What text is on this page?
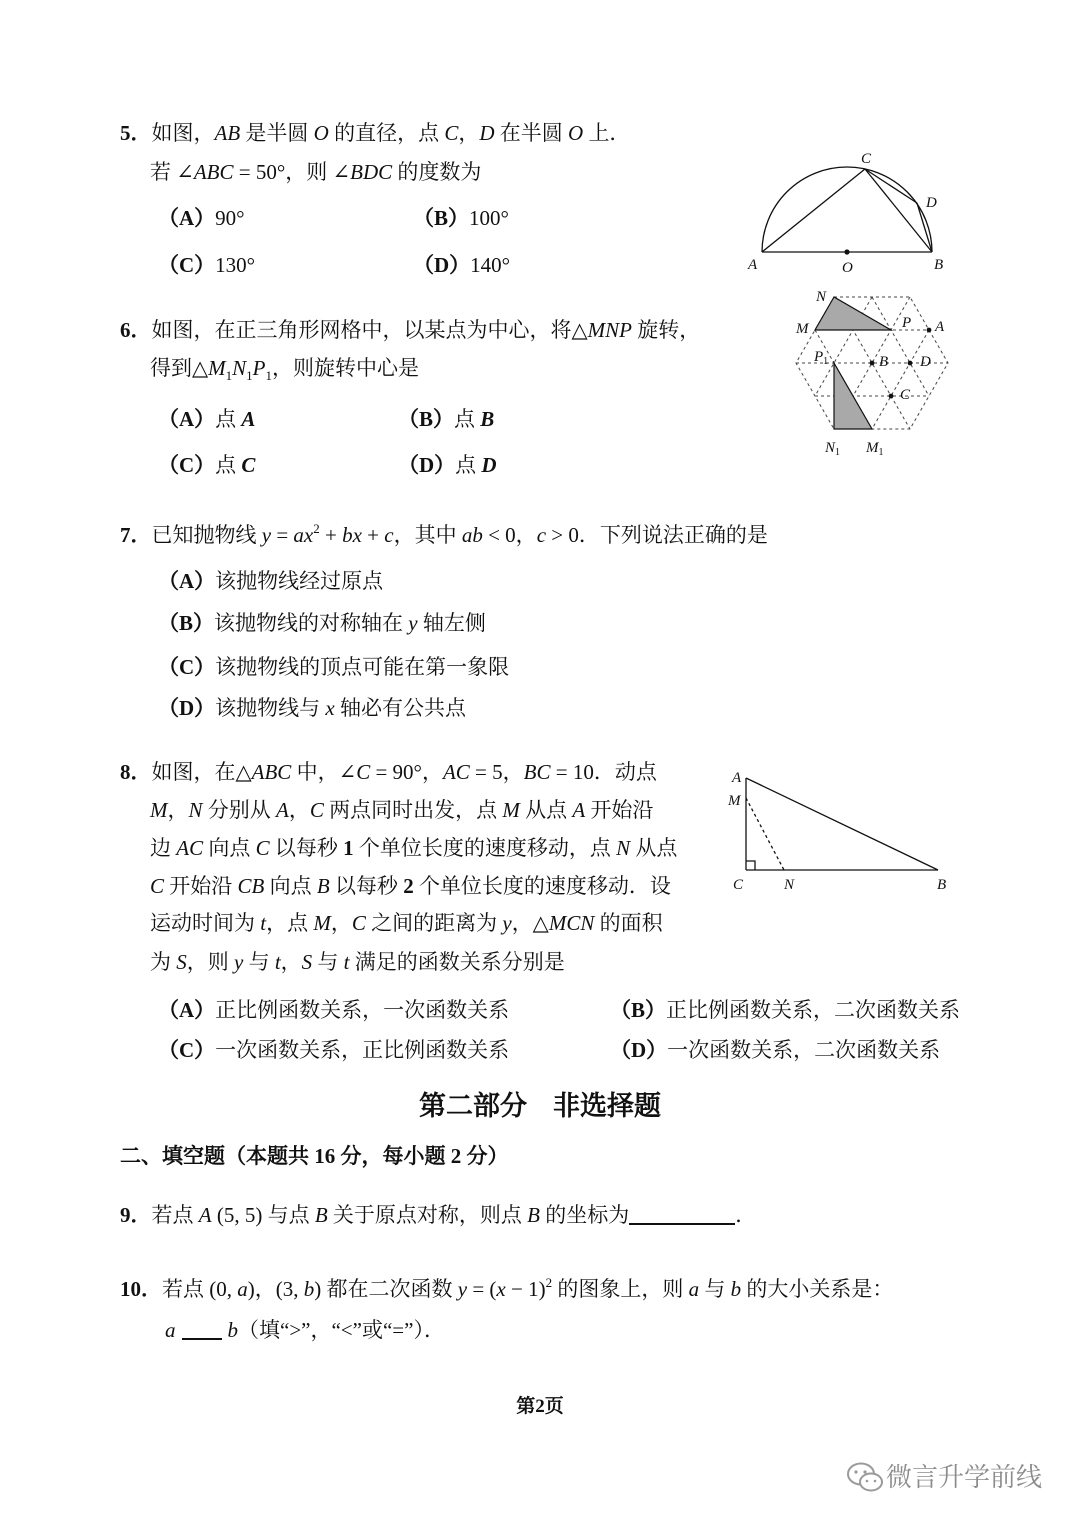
5．如图，AB 是半圆 O 的直径，点 C，D 在半圆 O 上．
若 ∠ABC = 50°，则 ∠BDC 的度数为
（A）90°	（B）100°
（C）130°	（D）140°	A	O	B
C
D
6．如图，在正三角形网格中，以某点为中心，将△MNP 旋转，
得到$\triangle M_1N_1P_1$，则旋转中心是
（A）点 A	（B）点 B
（C）点 C	（D）点 D
N
M	P A
$P_1$	B D
C
$N_1$ $M_1$
7．已知抛物线 $y = ax^2$ + bx + c，其中 ab < 0，c > 0．下列说法正确的是
（A）该抛物线经过原点
（B）该抛物线的对称轴在 y 轴左侧
（C）该抛物线的顶点可能在第一象限
（D）该抛物线与 x 轴必有公共点
8．如图，在△ABC 中，∠C = 90°，AC = 5，BC = 10．动点
M，N 分别从 A，C 两点同时出发，点 M 从点 A 开始沿
边 AC 向点 C 以每秒 1 个单位长度的速度移动，点 N 从点
C 开始沿 CB 向点 B 以每秒 2 个单位长度的速度移动．设
运动时间为 t，点 M，C 之间的距离为 y，△MCN 的面积
为 S，则 y 与 t，S 与 t 满足的函数关系分别是
（A）正比例函数关系，一次函数关系	（B）正比例函数关系，二次函数关系
（C）一次函数关系，正比例函数关系	（D）一次函数关系，二次函数关系
A
M
C	N	B
第二部分 非选择题
二、填空题（本题共 16 分，每小题 2 分）
9．若点 A (5, 5) 与点 B 关于原点对称，则点 B 的坐标为	．
10．若点 (0, a)，(3, b) 都在二次函数 $y = (x - 1)^2$ 的图象上，则 a 与 b 的大小关系是：
a b（填“>”，“<”或“=”）．
第2页
微言升学前线
